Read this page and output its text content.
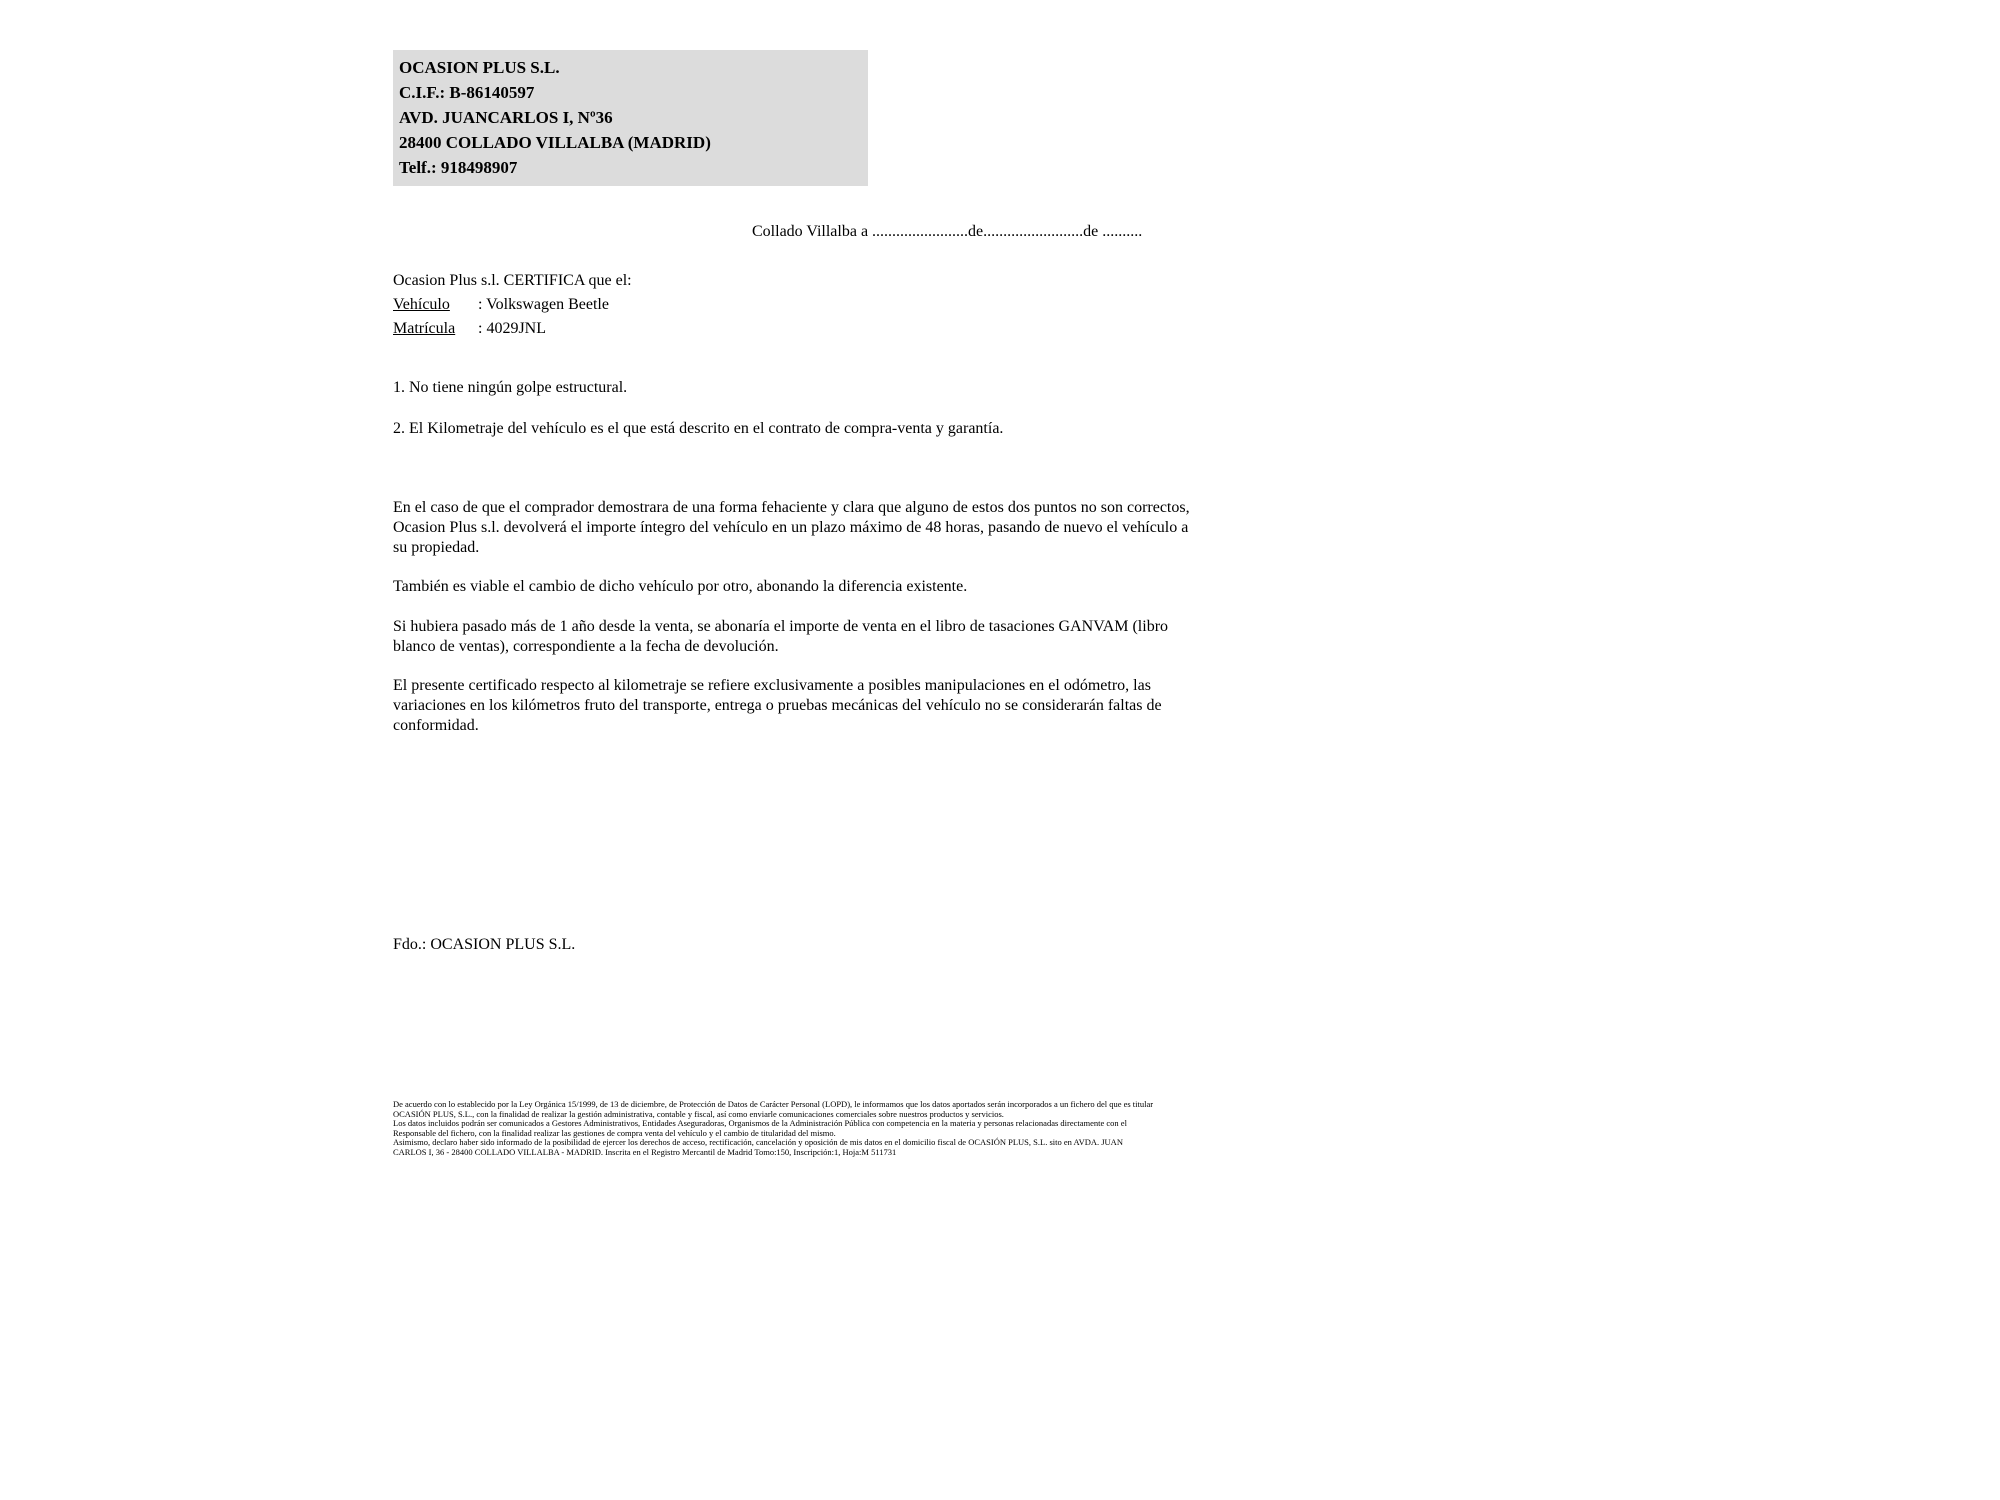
OCASION PLUS S.L.
C.I.F.: B-86140597
AVD. JUANCARLOS I, Nº36
28400 COLLADO VILLALBA (MADRID)
Telf.: 918498907
Collado Villalba a ........................de.........................de ..........
Ocasion Plus s.l. CERTIFICA que el:
Vehículo : Volkswagen Beetle
Matrícula : 4029JNL

1. No tiene ningún golpe estructural.

2. El Kilometraje del vehículo es el que está descrito en el contrato de compra-venta y garantía.

En el caso de que el comprador demostrara de una forma fehaciente y clara que alguno de estos dos puntos no son correctos, Ocasion Plus s.l. devolverá el importe íntegro del vehículo en un plazo máximo de 48 horas, pasando de nuevo el vehículo a su propiedad.

También es viable el cambio de dicho vehículo por otro, abonando la diferencia existente.

Si hubiera pasado más de 1 año desde la venta, se abonaría el importe de venta en el libro de tasaciones GANVAM (libro blanco de ventas), correspondiente a la fecha de devolución.

El presente certificado respecto al kilometraje se refiere exclusivamente a posibles manipulaciones en el odómetro, las variaciones en los kilómetros fruto del transporte, entrega o pruebas mecánicas del vehículo no se considerarán faltas de conformidad.

Fdo.: OCASION PLUS S.L.
De acuerdo con lo establecido por la Ley Orgánica 15/1999, de 13 de diciembre, de Protección de Datos de Carácter Personal (LOPD), le informamos que los datos aportados serán incorporados a un fichero del que es titular
OCASIÓN PLUS, S.L., con la finalidad de realizar la gestión administrativa, contable y fiscal, así como enviarle comunicaciones comerciales sobre nuestros productos y servicios.
Los datos incluidos podrán ser comunicados a Gestores Administrativos, Entidades Aseguradoras, Organismos de la Administración Pública con competencia en la materia y personas relacionadas directamente con el
Responsable del fichero, con la finalidad realizar las gestiones de compra venta del vehículo y el cambio de titularidad del mismo.
Asimismo, declaro haber sido informado de la posibilidad de ejercer los derechos de acceso, rectificación, cancelación y oposición de mis datos en el domicilio fiscal de OCASIÓN PLUS, S.L. sito en AVDA. JUAN
CARLOS I, 36 - 28400 COLLADO VILLALBA - MADRID. Inscrita en el Registro Mercantil de Madrid Tomo:150, Inscripción:1, Hoja:M 511731
